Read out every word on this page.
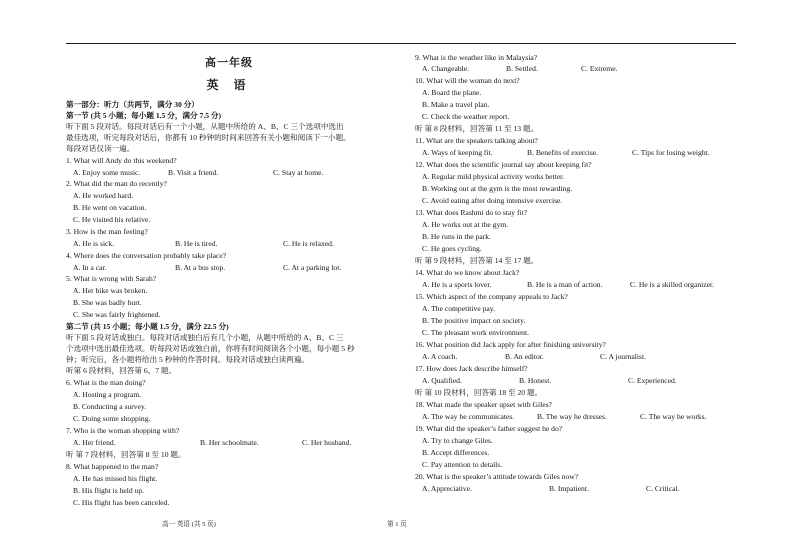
高一年级
英 语
第一部分：听力（共两节，满分 30 分）
第一节 (共 5 小题；每小题 1.5 分，满分 7.5 分)
听下面 5 段对话。每段对话后有一个小题，从题中所给的 A、B、C 三个选项中选出
最佳选项，听完每段对话后，你都有 10 秒钟的时间来回答有关小题和阅读下一小题。
每段对话仅读一遍。
1. What will Andy do this weekend?
A. Enjoy some music.	B. Visit a friend.	C. Stay at home.
2. What did the man do recently?
A. He worked hard.
B. He went on vacation.
C. He visited his relative.
3. How is the man feeling?
A. He is sick.	B. He is tired.	C. He is relaxed.
4. Where does the conversation probably take place?
A. In a car.	B. At a bus stop.	C. At a parking lot.
5. What is wrong with Sarah?
A. Her bike was broken.
B. She was badly hurt.
C. She was fairly frightened.
第二节 (共 15 小题；每小题 1.5 分，满分 22.5 分)
听下面 5 段对话或独白。每段对话或独白后有几个小题，从题中所给的 A、B、C 三
个选项中选出最佳选项。听每段对话或独白前，你将有时间阅读各个小题，每小题 5 秒
钟；听完后，各小题将给出 5 秒钟的作答时间。每段对话或独白读两遍。
听第 6 段材料，回答第 6、7 题。
6. What is the man doing?
A. Hosting a program.
B. Conducting a survey.
C. Doing some shopping.
7. Who is the woman shopping with?
A. Her friend.	B. Her schoolmate.	C. Her husband.
听 第 7 段材料，回答第 8 至 10 题。
8. What happened to the man?
A. He has missed his flight.
B. His flight is held up.
C. His flight has been canceled.
9. What is the weather like in Malaysia?
A. Changeable.	B. Settled.	C. Extreme.
10. What will the woman do next?
A. Board the plane.
B. Make a travel plan.
C. Check the weather report.
听 第 8 段材料，回答第 11 至 13 题。
11. What are the speakers talking about?
A. Ways of keeping fit.	B. Benefits of exercise.	C. Tips for losing weight.
12. What does the scientific journal say about keeping fit?
A. Regular mild physical activity works better.
B. Working out at the gym is the most rewarding.
C. Avoid eating after doing intensive exercise.
13. What does Rashmi do to stay fit?
A. He works out at the gym.
B. He runs in the park.
C. He goes cycling.
听 第 9 段材料，回答第 14 至 17 题。
14. What do we know about Jack?
A. He is a sports lover.	B. He is a man of action.	C. He is a skilled organizer.
15. Which aspect of the company appeals to Jack?
A. The competitive pay.
B. The positive impact on society.
C. The pleasant work environment.
16. What position did Jack apply for after finishing university?
A. A coach.	B. An editor.	C. A journalist.
17. How does Jack describe himself?
A. Qualified.	B. Honest.	C. Experienced.
听 第 10 段材料，回答第 18 至 20 题。
18. What made the speaker upset with Giles?
A. The way he communicates.	B. The way he dresses.	C. The way he works.
19. What did the speaker’s father suggest he do?
A. Try to change Giles.
B. Accept differences.
C. Pay attention to details.
20. What is the speaker’s attitude towards Giles now?
A. Appreciative.	B. Impatient.	C. Critical.
高一 英语 (共 5 页)	第 1 页
